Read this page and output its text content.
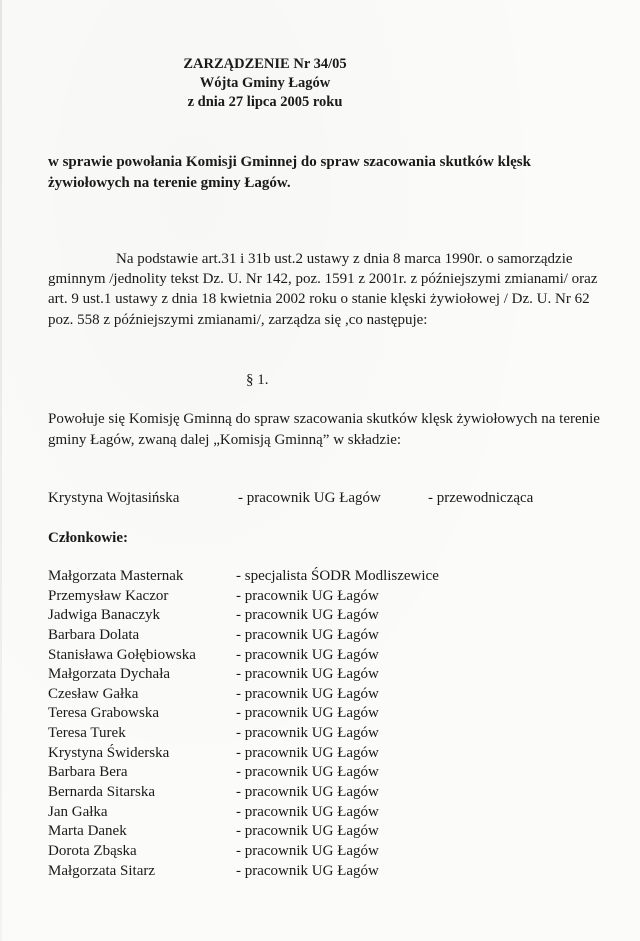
ZARZĄDZENIE Nr 34/05
Wójta Gminy Łagów
z dnia 27 lipca 2005 roku
w sprawie powołania Komisji Gminnej do spraw szacowania skutków klęsk żywiołowych na terenie gminy Łagów.
Na podstawie art.31 i 31b ust.2 ustawy z dnia 8 marca 1990r. o samorządzie gminnym /jednolity tekst Dz. U. Nr 142, poz. 1591 z 2001r. z późniejszymi zmianami/ oraz art. 9 ust.1 ustawy z dnia 18 kwietnia 2002 roku o stanie klęski żywiołowej / Dz. U. Nr 62 poz. 558 z późniejszymi zmianami/, zarządza się ,co następuje:
§ 1.
Powołuje się Komisję Gminną do spraw szacowania skutków klęsk żywiołowych na terenie gminy Łagów, zwaną dalej „Komisją Gminną” w składzie:
Krystyna Wojtasińska	- pracownik UG Łagów	- przewodnicząca
Członkowie:
Małgorzata Masternak	- specjalista ŚODR Modliszewice
Przemysław Kaczor	- pracownik UG Łagów
Jadwiga Banaczyk	- pracownik UG Łagów
Barbara Dolata	- pracownik UG Łagów
Stanisława Gołębiowska	- pracownik UG Łagów
Małgorzata Dychała	- pracownik UG Łagów
Czesław Gałka	- pracownik UG Łagów
Teresa Grabowska	- pracownik UG Łagów
Teresa Turek	- pracownik UG Łagów
Krystyna Świderska	- pracownik UG Łagów
Barbara Bera	- pracownik UG Łagów
Bernarda Sitarska	- pracownik UG Łagów
Jan Gałka	- pracownik UG Łagów
Marta Danek	- pracownik UG Łagów
Dorota Zbąska	- pracownik UG Łagów
Małgorzata Sitarz	- pracownik UG Łagów
